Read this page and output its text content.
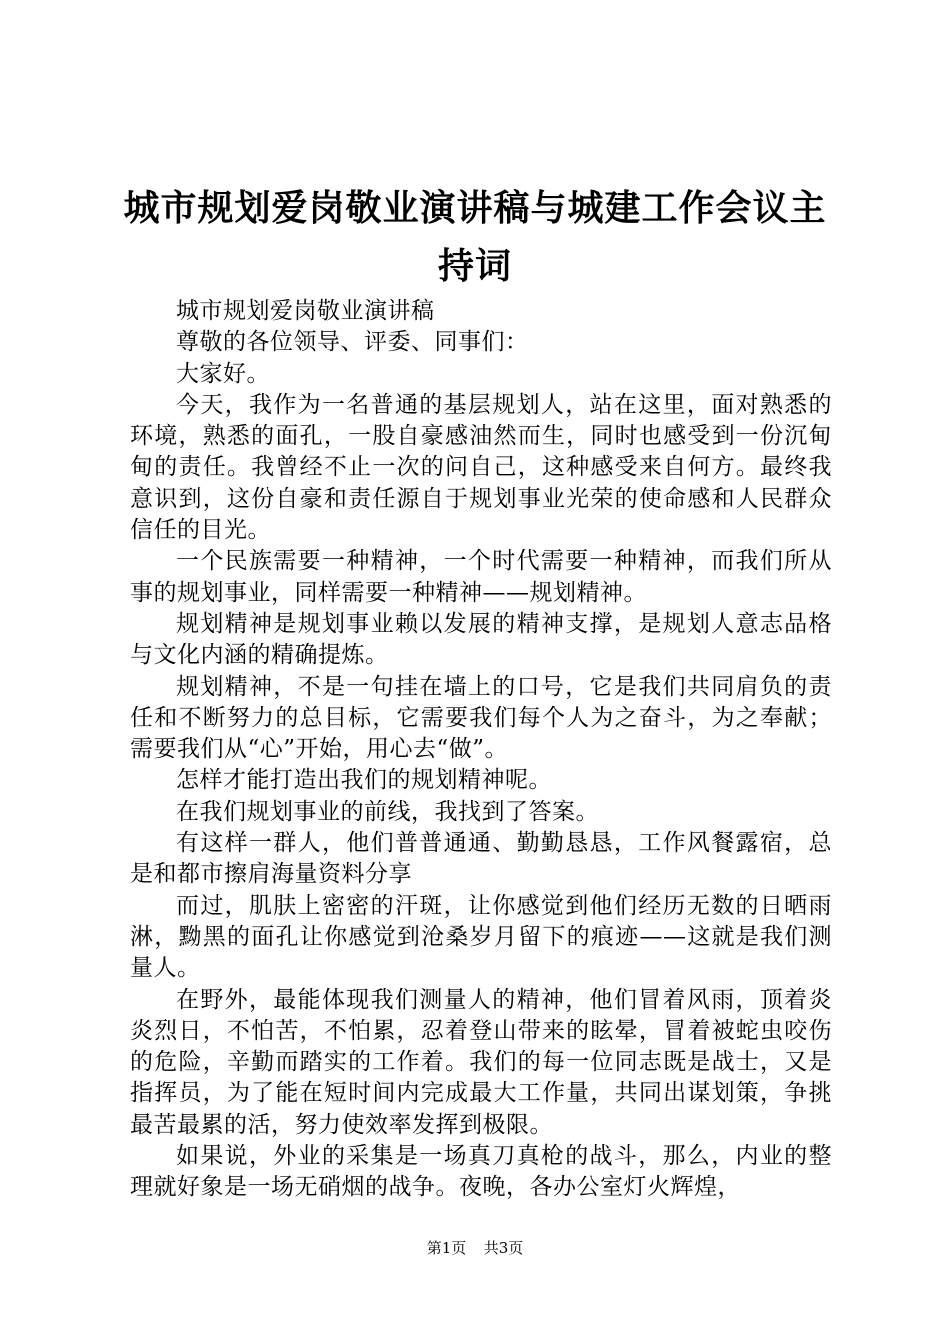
城市规划爱岗敬业演讲稿与城建工作会议主持词

城市规划爱岗敬业演讲稿

尊敬的各位领导、评委、同事们：

大家好。

今天，我作为一名普通的基层规划人，站在这里，面对熟悉的环境，熟悉的面孔，一股自豪感油然而生，同时也感受到一份沉甸甸的责任。我曾经不止一次的问自己，这种感受来自何方。最终我意识到，这份自豪和责任源自于规划事业光荣的使命感和人民群众信任的目光。

一个民族需要一种精神，一个时代需要一种精神，而我们所从事的规划事业，同样需要一种精神——规划精神。

规划精神是规划事业赖以发展的精神支撑，是规划人意志品格与文化内涵的精确提炼。

规划精神，不是一句挂在墙上的口号，它是我们共同肩负的责任和不断努力的总目标，它需要我们每个人为之奋斗，为之奉献；需要我们从“心”开始，用心去“做”。

怎样才能打造出我们的规划精神呢。

在我们规划事业的前线，我找到了答案。

有这样一群人，他们普普通通、勤勤恳恳，工作风餐露宿，总是和都市擦肩海量资料分享

而过，肌肤上密密的汗斑，让你感觉到他们经历无数的日晒雨淋，黝黑的面孔让你感觉到沧桑岁月留下的痕迹——这就是我们测量人。

在野外，最能体现我们测量人的精神，他们冒着风雨，顶着炎炎烈日，不怕苦，不怕累，忍着登山带来的眩晕，冒着被蛇虫咬伤的危险，辛勤而踏实的工作着。我们的每一位同志既是战士，又是指挥员，为了能在短时间内完成最大工作量，共同出谋划策，争挑最苦最累的活，努力使效率发挥到极限。

如果说，外业的采集是一场真刀真枪的战斗，那么，内业的整理就好象是一场无硝烟的战争。夜晚，各办公室灯火辉煌，

第1页  共3页
